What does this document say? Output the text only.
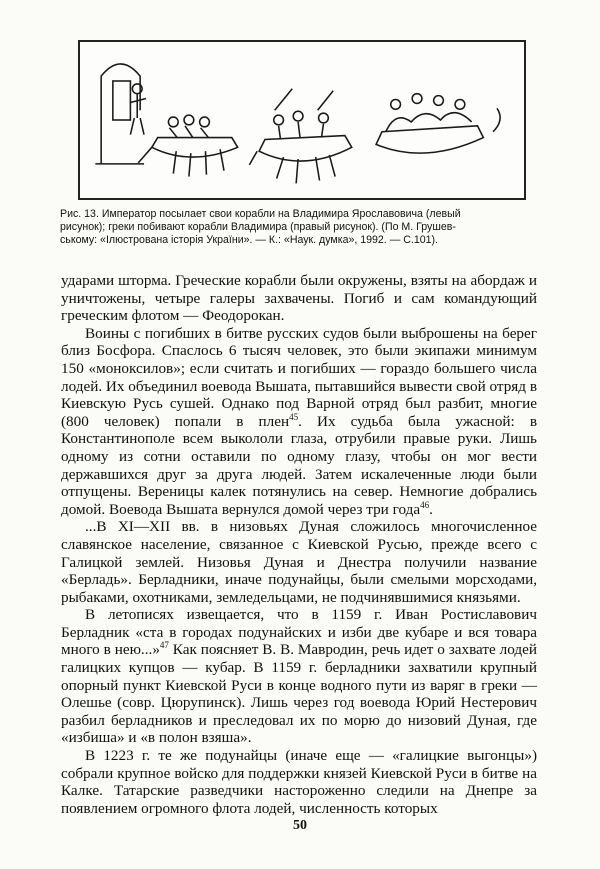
Рис. 13. Император посылает свои корабли на Владимира Ярославовича (левый
рисунок); греки побивают корабли Владимира (правый рисунок). (По М. Грушев-
ському: «Ілюстрована історія України». — К.: «Наук. думка», 1992. — С.101).

ударами шторма. Греческие корабли были окружены, взяты на абордаж и уничтожены, четыре галеры захвачены. Погиб и сам командующий греческим флотом — Феодорокан.

Воины с погибших в битве русских судов были выброшены на берег близ Босфора. Спаслось 6 тысяч человек, это были экипажи минимум 150 «моноксилов»; если считать и погибших — гораздо большего числа лодей. Их объединил воевода Вышата, пытавшийся вывести свой отряд в Киевскую Русь сушей. Однако под Варной отряд был разбит, многие (800 человек) попали в плен$^{45}$. Их судьба была ужасной: в Константинополе всем выкололи глаза, отрубили правые руки. Лишь одному из сотни оставили по одному глазу, чтобы он мог вести державшихся друг за друга людей. Затем искалеченные люди были отпущены. Вереницы калек потянулись на север. Немногие добрались домой. Воевода Вышата вернулся домой через три года$^{46}$.

...В XI—XII вв. в низовьях Дуная сложилось многочисленное славянское население, связанное с Киевской Русью, прежде всего с Галицкой землей. Низовья Дуная и Днестра получили название «Берладь». Берладники, иначе подунайцы, были смелыми морсходами, рыбаками, охотниками, земледельцами, не подчинявшимися князьями.

В летописях извещается, что в 1159 г. Иван Ростиславович Берладник «ста в городах подунайских и изби две кубаре и вся товара много в нею...»$^{47}$ Как поясняет В. В. Мавродин, речь идет о захвате лодей галицких купцов — кубар. В 1159 г. берладники захватили крупный опорный пункт Киевской Руси в конце водного пути из варяг в греки — Олешье (совр. Цюрупинск). Лишь через год воевода Юрий Нестерович разбил берладников и преследовал их по морю до низовий Дуная, где «избиша» и «в полон взяша».

В 1223 г. те же подунайцы (иначе еще — «галицкие выгонцы») собрали крупное войско для поддержки князей Киевской Руси в битве на Калке. Татарские разведчики настороженно следили на Днепре за появлением огромного флота лодей, численность которых

50
